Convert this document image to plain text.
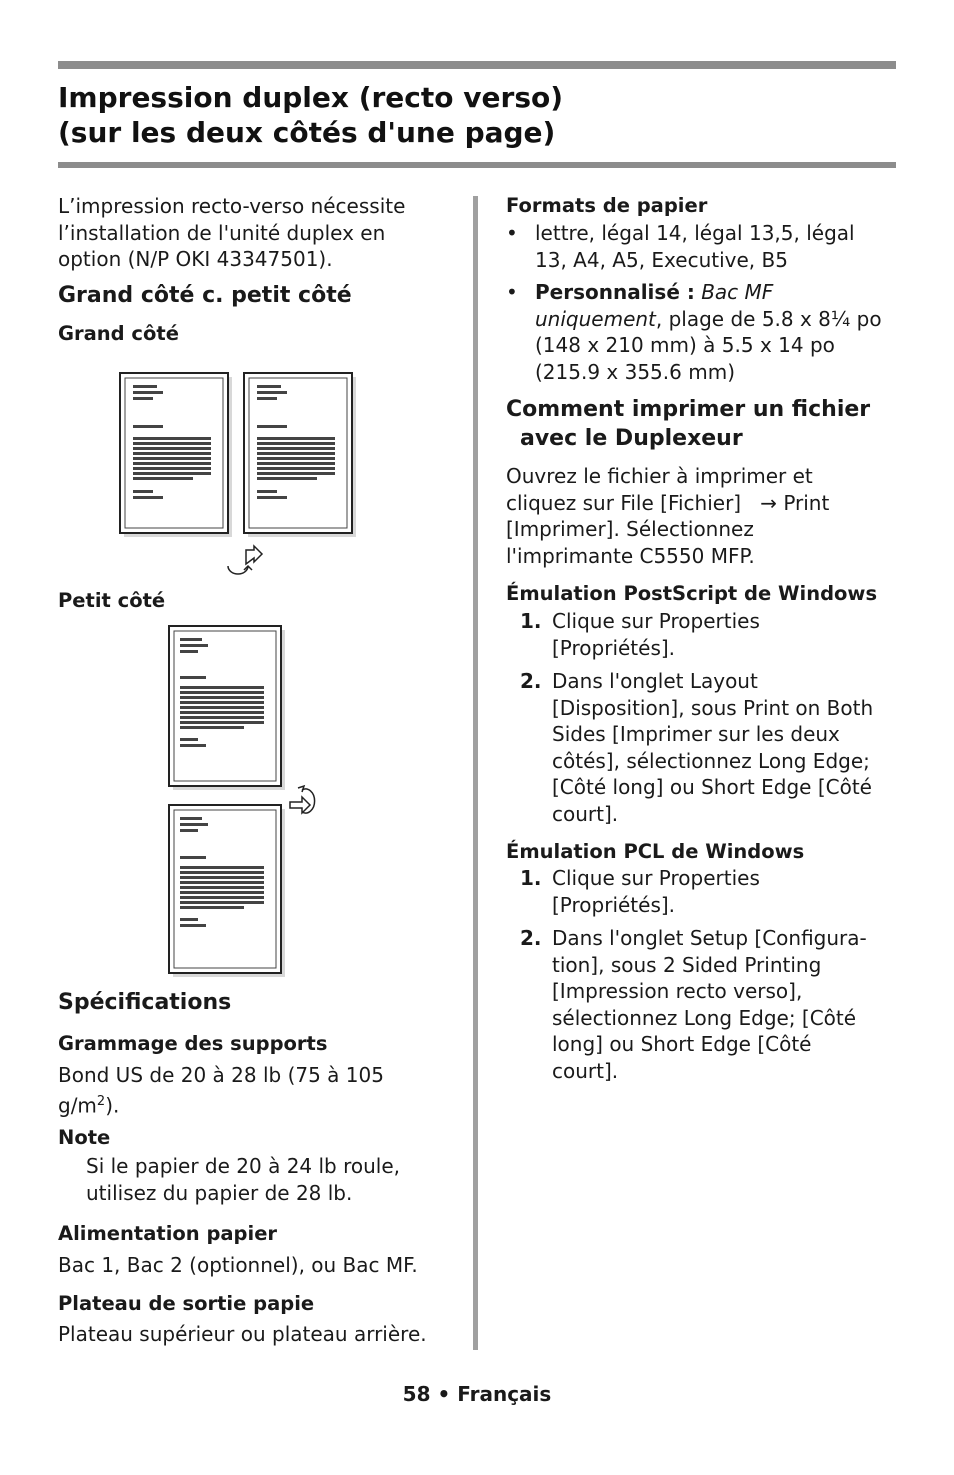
Impression duplex (recto verso)
(sur les deux côtés d'une page)
L’impression recto-verso nécessite
l’installation de l'unité duplex en
option (N/P OKI 43347501).
Grand côté c. petit côté
Grand côté
Petit côté
Spécifications
Grammage des supports
Bond US de 20 à 28 lb (75 à 105
$g/m^2$).
Note
Si le papier de 20 à 24 lb roule,
utilisez du papier de 28 lb.
Alimentation papier
Bac 1, Bac 2 (optionnel), ou Bac MF.
Plateau de sortie papie
Plateau supérieur ou plateau arrière.
Formats de papier
• lettre, légal 14, légal 13,5, légal
13, A4, A5, Executive, B5
• Personnalisé : Bac MF
uniquement, plage de 5.8 x 8¼ po
(148 x 210 mm) à 5.5 x 14 po
(215.9 x 355.6 mm)
Comment imprimer un fichier
avec le Duplexeur
Ouvrez le fichier à imprimer et
cliquez sur File [Fichier] → Print
[Imprimer]. Sélectionnez
l'imprimante C5550 MFP.
Émulation PostScript de Windows
1. Clique sur Properties
[Propriétés].
2. Dans l'onglet Layout
[Disposition], sous Print on Both
Sides [Imprimer sur les deux
côtés], sélectionnez Long Edge;
[Côté long] ou Short Edge [Côté
court].
Émulation PCL de Windows
1. Clique sur Properties
[Propriétés].
2. Dans l'onglet Setup [Configura-
tion], sous 2 Sided Printing
[Impression recto verso],
sélectionnez Long Edge; [Côté
long] ou Short Edge [Côté
court].
58 • Français
